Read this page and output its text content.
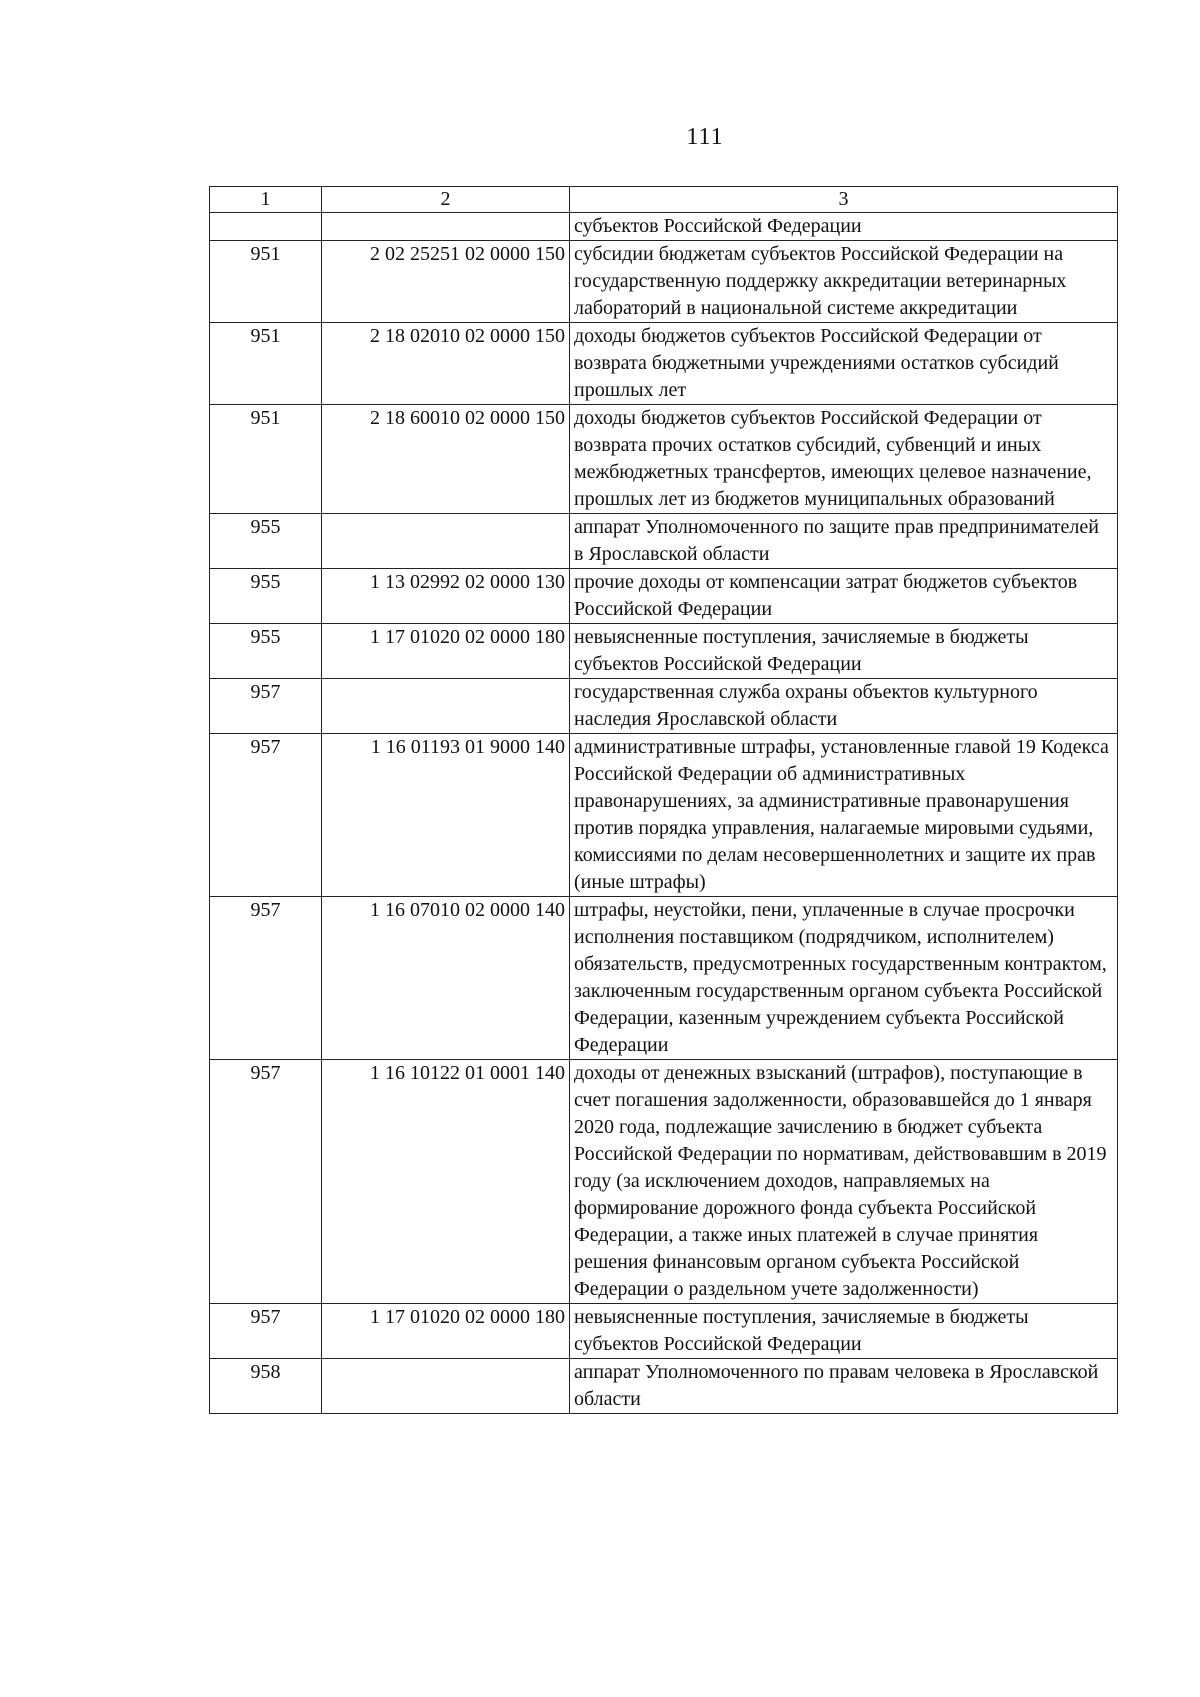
111
1	2	3
		субъектов Российской Федерации
951	2 02 25251 02 0000 150	субсидии бюджетам субъектов Российской Федерации на государственную поддержку аккредитации ветеринарных лабораторий в национальной системе аккредитации
951	2 18 02010 02 0000 150	доходы бюджетов субъектов Российской Федерации от возврата бюджетными учреждениями остатков субсидий прошлых лет
951	2 18 60010 02 0000 150	доходы бюджетов субъектов Российской Федерации от возврата прочих остатков субсидий, субвенций и иных межбюджетных трансфертов, имеющих целевое назначение, прошлых лет из бюджетов муниципальных образований
955		аппарат Уполномоченного по защите прав предпринимателей в Ярославской области
955	1 13 02992 02 0000 130	прочие доходы от компенсации затрат бюджетов субъектов Российской Федерации
955	1 17 01020 02 0000 180	невыясненные поступления, зачисляемые в бюджеты субъектов Российской Федерации
957		государственная служба охраны объектов культурного наследия Ярославской области
957	1 16 01193 01 9000 140	административные штрафы, установленные главой 19 Кодекса Российской Федерации об административных правонарушениях, за административные правонарушения против порядка управления, налагаемые мировыми судьями, комиссиями по делам несовершеннолетних и защите их прав (иные штрафы)
957	1 16 07010 02 0000 140	штрафы, неустойки, пени, уплаченные в случае просрочки исполнения поставщиком (подрядчиком, исполнителем) обязательств, предусмотренных государственным контрактом, заключенным государственным органом субъекта Российской Федерации, казенным учреждением субъекта Российской Федерации
957	1 16 10122 01 0001 140	доходы от денежных взысканий (штрафов), поступающие в счет погашения задолженности, образовавшейся до 1 января 2020 года, подлежащие зачислению в бюджет субъекта Российской Федерации по нормативам, действовавшим в 2019 году (за исключением доходов, направляемых на формирование дорожного фонда субъекта Российской Федерации, а также иных платежей в случае принятия решения финансовым органом субъекта Российской Федерации о раздельном учете задолженности)
957	1 17 01020 02 0000 180	невыясненные поступления, зачисляемые в бюджеты субъектов Российской Федерации
958		аппарат Уполномоченного по правам человека в Ярославской области
